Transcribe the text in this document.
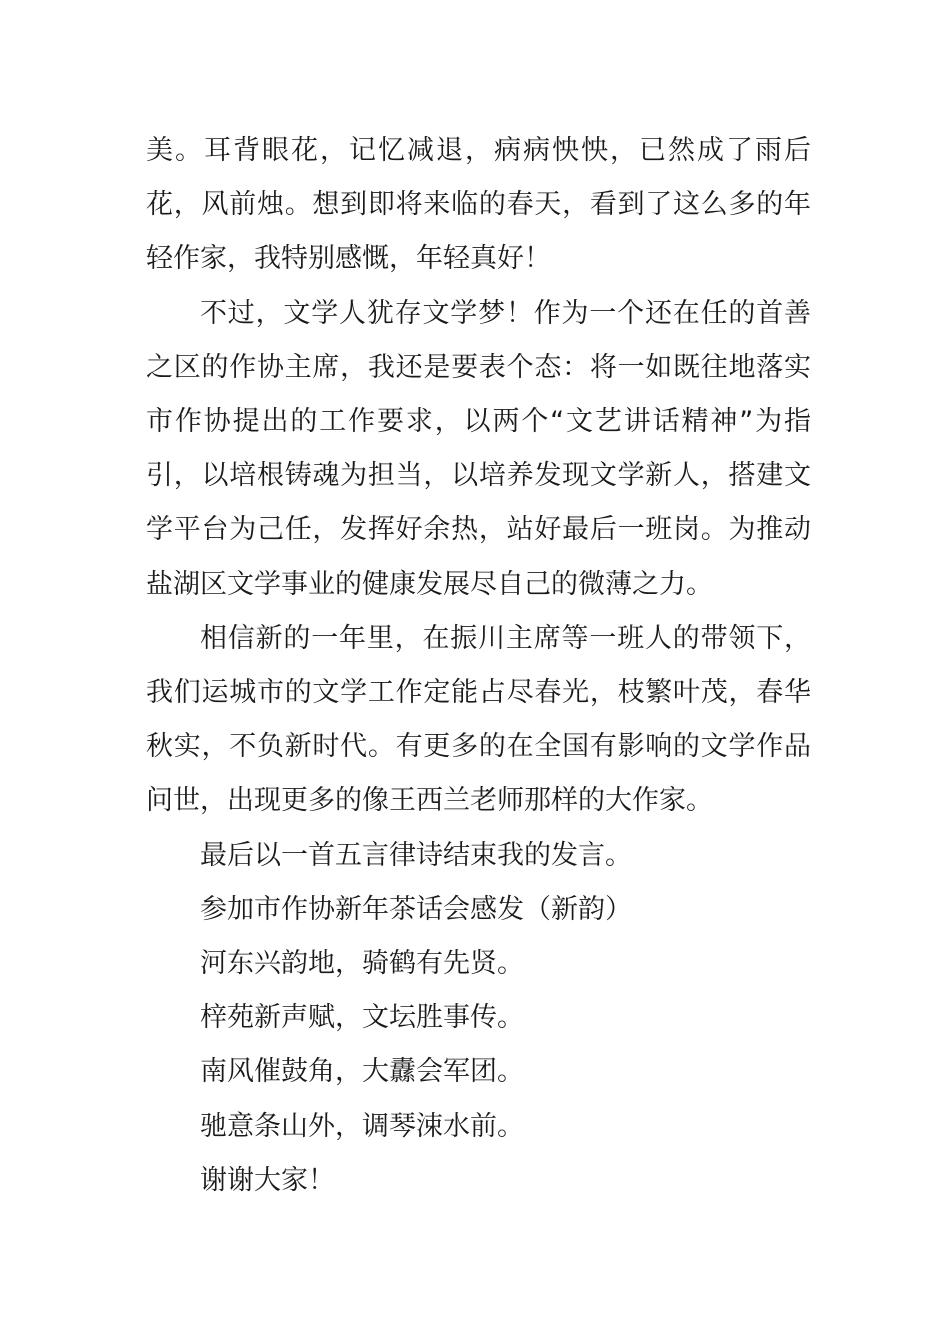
美。耳背眼花，记忆减退，病病怏怏，已然成了雨后花，风前烛。想到即将来临的春天，看到了这么多的年轻作家，我特别感慨，年轻真好！

不过，文学人犹存文学梦！作为一个还在任的首善之区的作协主席，我还是要表个态：将一如既往地落实市作协提出的工作要求，以两个“文艺讲话精神”为指引，以培根铸魂为担当，以培养发现文学新人，搭建文学平台为己任，发挥好余热，站好最后一班岗。为推动盐湖区文学事业的健康发展尽自己的微薄之力。

相信新的一年里，在振川主席等一班人的带领下，我们运城市的文学工作定能占尽春光，枝繁叶茂，春华秋实，不负新时代。有更多的在全国有影响的文学作品问世，出现更多的像王西兰老师那样的大作家。

最后以一首五言律诗结束我的发言。

参加市作协新年茶话会感发（新韵）

河东兴韵地，骑鹤有先贤。

梓苑新声赋，文坛胜事传。

南风催鼓角，大纛会军团。

驰意条山外，调琴涑水前。

谢谢大家！
